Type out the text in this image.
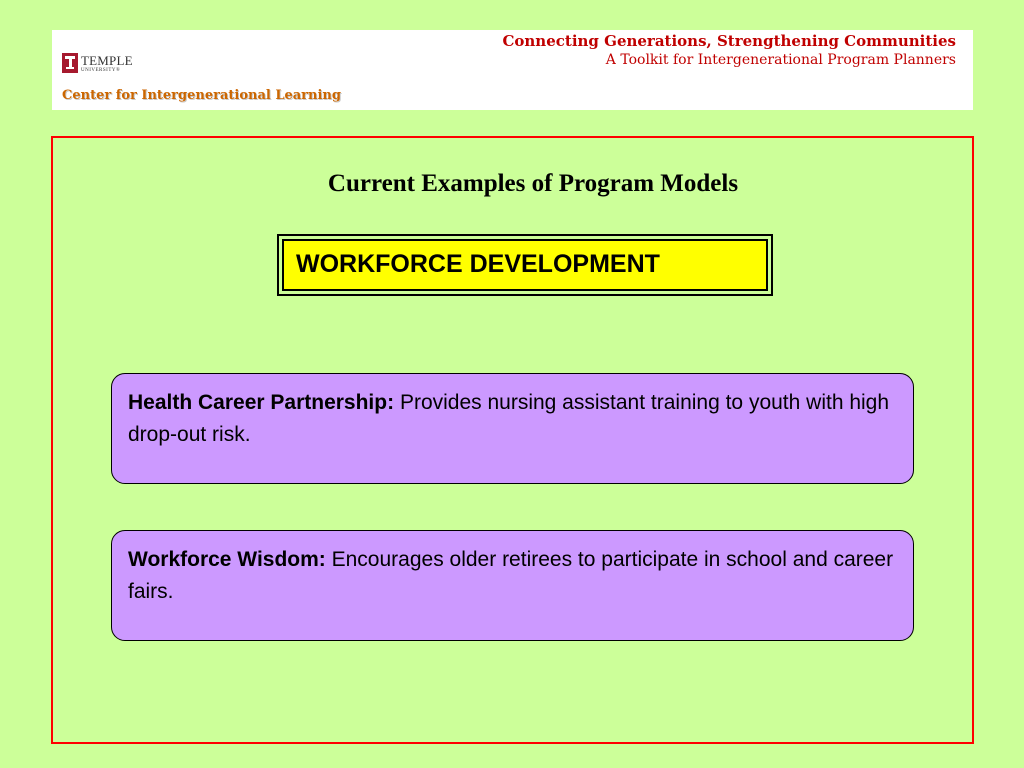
TEMPLE
UNIVERSITY®
Center for Intergenerational Learning
Connecting Generations, Strengthening Communities
A Toolkit for Intergenerational Program Planners
Current Examples of Program Models
WORKFORCE DEVELOPMENT
Health Career Partnership: Provides nursing assistant training to youth with high drop-out risk.
Workforce Wisdom: Encourages older retirees to participate in school and career fairs.
